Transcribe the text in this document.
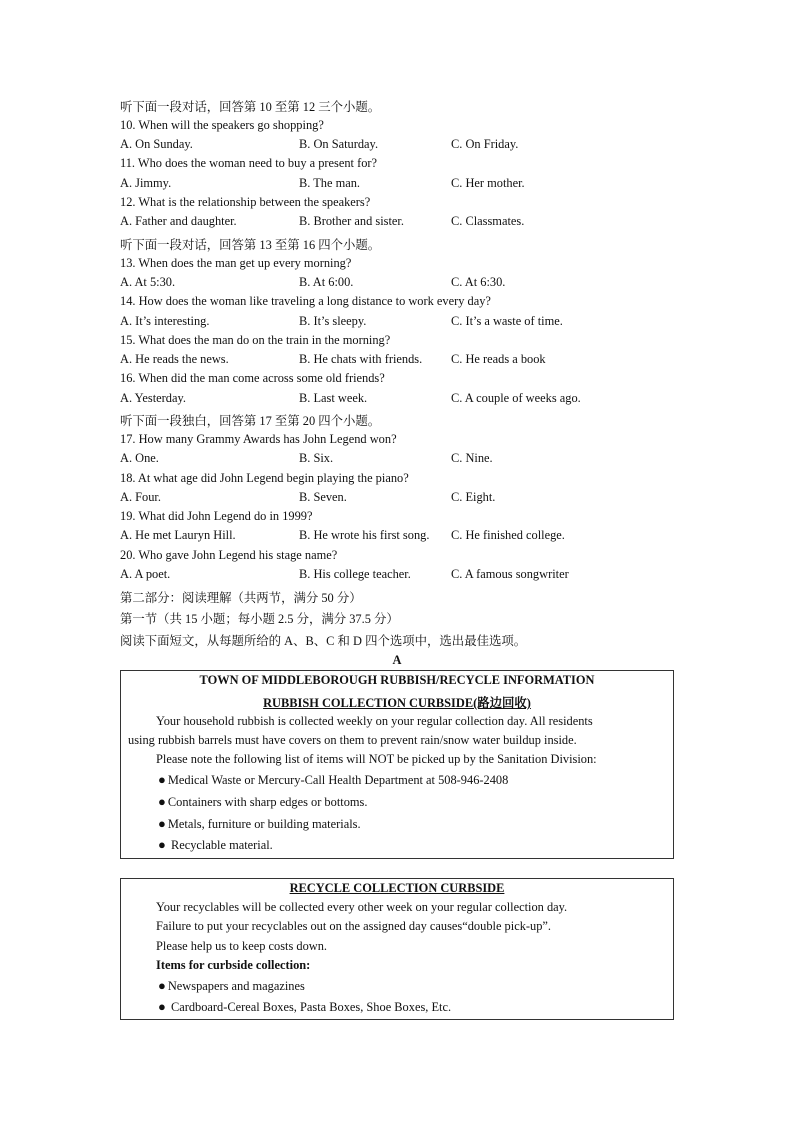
听下面一段对话，回答第 10 至第 12 三个小题。
10. When will the speakers go shopping?
A. On Sunday.	B. On Saturday.	C. On Friday.
11. Who does the woman need to buy a present for?
A. Jimmy.	B. The man.	C. Her mother.
12. What is the relationship between the speakers?
A. Father and daughter.	B. Brother and sister.	C. Classmates.
听下面一段对话，回答第 13 至第 16 四个小题。
13. When does the man get up every morning?
A. At 5:30.	B. At 6:00.	C. At 6:30.
14. How does the woman like traveling a long distance to work every day?
A. It’s interesting.	B. It’s sleepy.	C. It’s a waste of time.
15. What does the man do on the train in the morning?
A. He reads the news.	B. He chats with friends. C. He reads a book
16. When did the man come across some old friends?
A. Yesterday.	B. Last week.	C. A couple of weeks ago.
听下面一段独白，回答第 17 至第 20 四个小题。
17. How many Grammy Awards has John Legend won?
A. One.	B. Six.	C. Nine.
18. At what age did John Legend begin playing the piano?
A. Four.	B. Seven.	C. Eight.
19. What did John Legend do in 1999?
A. He met Lauryn Hill.	B. He wrote his first song. C. He finished college.
20. Who gave John Legend his stage name?
A. A poet.	B. His college teacher.	C. A famous songwriter
第二部分：阅读理解（共两节，满分 50 分）
第一节（共 15 小题；每小题 2.5 分，满分 37.5 分）
阅读下面短文，从每题所给的 A、B、C 和 D 四个选项中，选出最佳选项。
A
TOWN OF MIDDLEBOROUGH RUBBISH/RECYCLE INFORMATION
RUBBISH COLLECTION CURBSIDE(路边回收)
Your household rubbish is collected weekly on your regular collection day. All residents
using rubbish barrels must have covers on them to prevent rain/snow water buildup inside.
Please note the following list of items will NOT be picked up by the Sanitation Division:
● Medical Waste or Mercury-Call Health Department at 508-946-2408
● Containers with sharp edges or bottoms.
● Metals, furniture or building materials.
● Recyclable material.
RECYCLE COLLECTION CURBSIDE
Your recyclables will be collected every other week on your regular collection day.
Failure to put your recyclables out on the assigned day causes“double pick-up”.
Please help us to keep costs down.
Items for curbside collection:
● Newspapers and magazines
● Cardboard-Cereal Boxes, Pasta Boxes, Shoe Boxes, Etc.
